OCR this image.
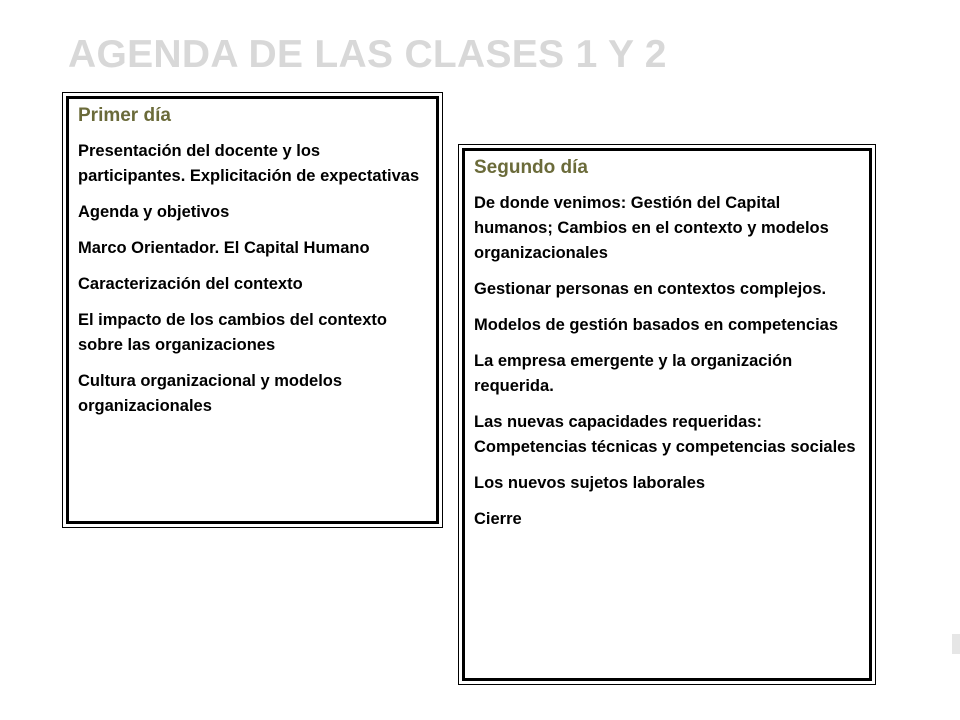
AGENDA DE LAS CLASES 1 Y 2
Primer día
Presentación del docente y los participantes. Explicitación de expectativas
Agenda y objetivos
Marco Orientador. El Capital Humano
Caracterización del contexto
El impacto de los cambios del contexto sobre las organizaciones
Cultura organizacional y modelos organizacionales
Segundo día
De donde venimos: Gestión del Capital humanos; Cambios en el contexto y modelos organizacionales
Gestionar personas en contextos complejos.
Modelos de gestión basados en competencias
La empresa emergente y la organización requerida.
Las nuevas capacidades requeridas: Competencias técnicas y competencias sociales
Los nuevos sujetos laborales
Cierre
